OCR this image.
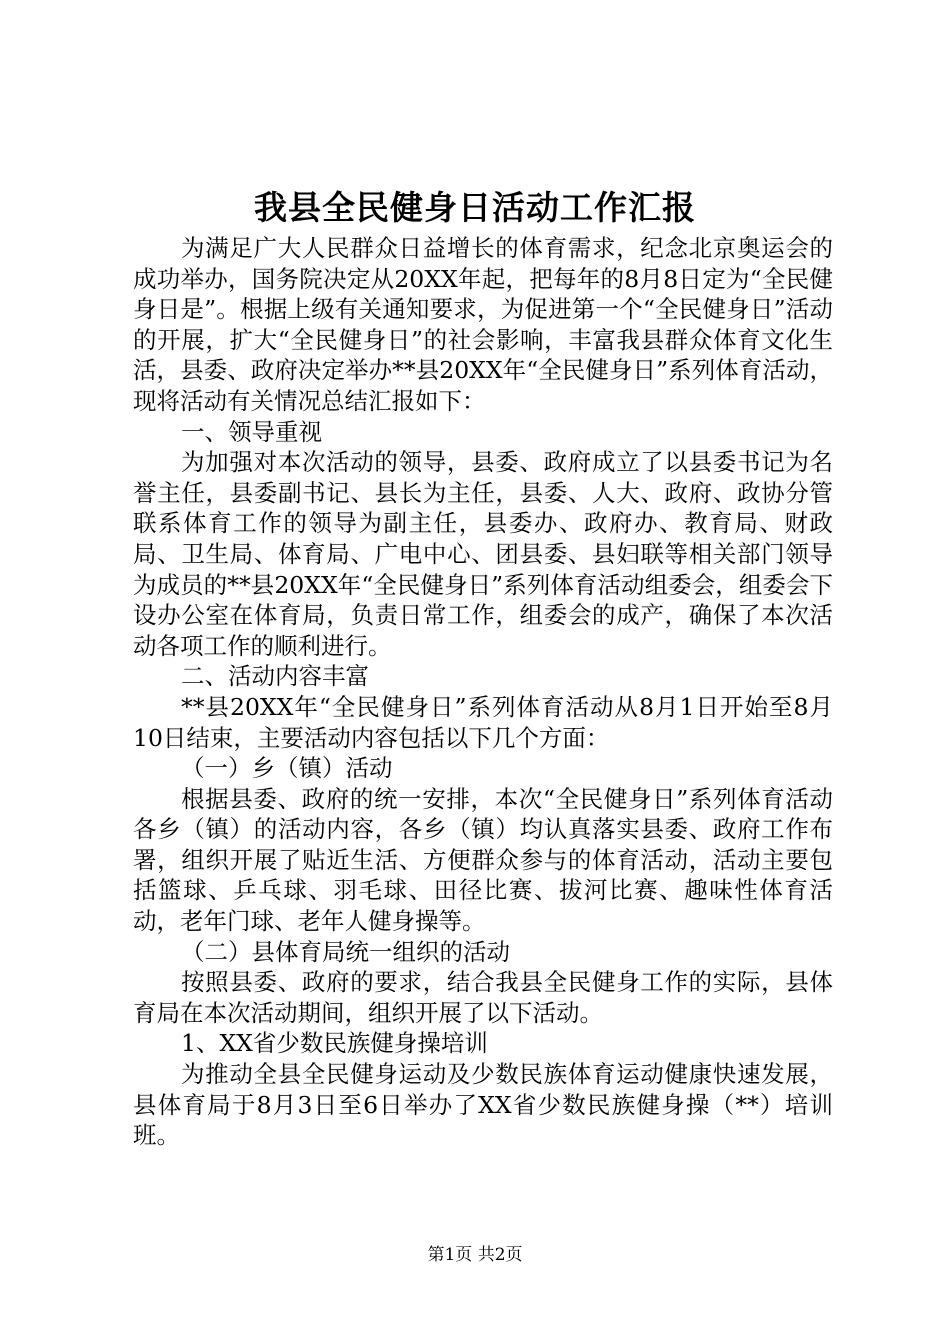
我县全民健身日活动工作汇报

为满足广大人民群众日益增长的体育需求，纪念北京奥运会的成功举办，国务院决定从20XX年起，把每年的8月8日定为“全民健身日是”。根据上级有关通知要求，为促进第一个“全民健身日”活动的开展，扩大“全民健身日”的社会影响，丰富我县群众体育文化生活，县委、政府决定举办**县20XX年“全民健身日”系列体育活动，现将活动有关情况总结汇报如下：

一、领导重视

为加强对本次活动的领导，县委、政府成立了以县委书记为名誉主任，县委副书记、县长为主任，县委、人大、政府、政协分管联系体育工作的领导为副主任，县委办、政府办、教育局、财政局、卫生局、体育局、广电中心、团县委、县妇联等相关部门领导为成员的**县20XX年“全民健身日”系列体育活动组委会，组委会下设办公室在体育局，负责日常工作，组委会的成产，确保了本次活动各项工作的顺利进行。

二、活动内容丰富

**县20XX年“全民健身日”系列体育活动从8月1日开始至8月10日结束，主要活动内容包括以下几个方面：

（一）乡（镇）活动

根据县委、政府的统一安排，本次“全民健身日”系列体育活动各乡（镇）的活动内容，各乡（镇）均认真落实县委、政府工作布署，组织开展了贴近生活、方便群众参与的体育活动，活动主要包括篮球、乒乓球、羽毛球、田径比赛、拔河比赛、趣味性体育活动，老年门球、老年人健身操等。

（二）县体育局统一组织的活动

按照县委、政府的要求，结合我县全民健身工作的实际，县体育局在本次活动期间，组织开展了以下活动。

1、XX省少数民族健身操培训

为推动全县全民健身运动及少数民族体育运动健康快速发展，县体育局于8月3日至6日举办了XX省少数民族健身操（**）培训班。

第1页 共2页
